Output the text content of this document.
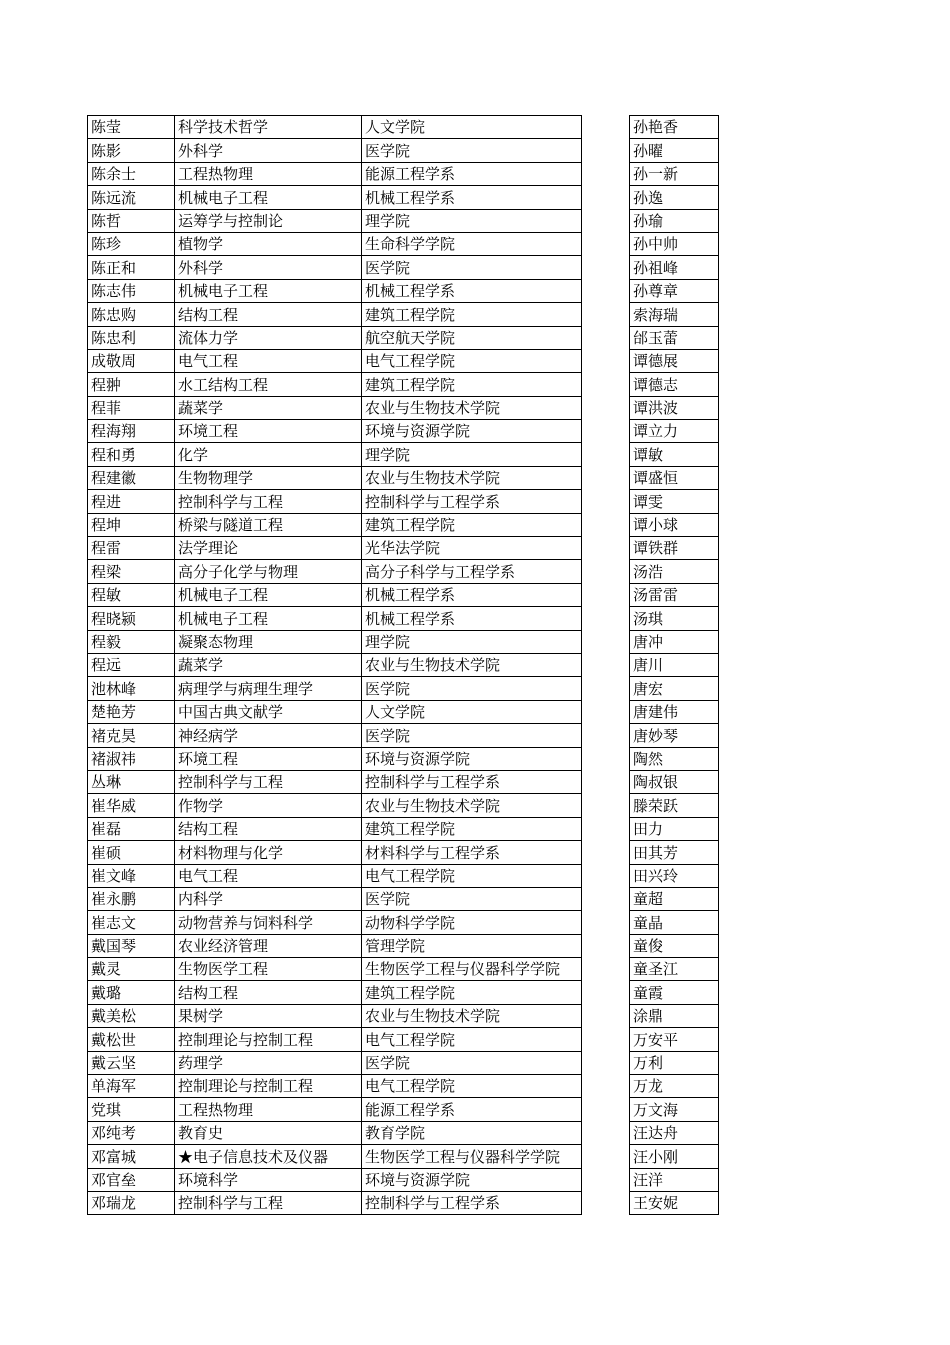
陈莹	科学技术哲学	人文学院
陈影	外科学	医学院
陈余士	工程热物理	能源工程学系
陈远流	机械电子工程	机械工程学系
陈哲	运筹学与控制论	理学院
陈珍	植物学	生命科学学院
陈正和	外科学	医学院
陈志伟	机械电子工程	机械工程学系
陈忠购	结构工程	建筑工程学院
陈忠利	流体力学	航空航天学院
成敬周	电气工程	电气工程学院
程翀	水工结构工程	建筑工程学院
程菲	蔬菜学	农业与生物技术学院
程海翔	环境工程	环境与资源学院
程和勇	化学	理学院
程建徽	生物物理学	农业与生物技术学院
程进	控制科学与工程	控制科学与工程学系
程坤	桥梁与隧道工程	建筑工程学院
程雷	法学理论	光华法学院
程梁	高分子化学与物理	高分子科学与工程学系
程敏	机械电子工程	机械工程学系
程晓颍	机械电子工程	机械工程学系
程毅	凝聚态物理	理学院
程远	蔬菜学	农业与生物技术学院
池林峰	病理学与病理生理学	医学院
楚艳芳	中国古典文献学	人文学院
褚克昊	神经病学	医学院
褚淑祎	环境工程	环境与资源学院
丛琳	控制科学与工程	控制科学与工程学系
崔华威	作物学	农业与生物技术学院
崔磊	结构工程	建筑工程学院
崔硕	材料物理与化学	材料科学与工程学系
崔文峰	电气工程	电气工程学院
崔永鹏	内科学	医学院
崔志文	动物营养与饲料科学	动物科学学院
戴国琴	农业经济管理	管理学院
戴灵	生物医学工程	生物医学工程与仪器科学学院
戴璐	结构工程	建筑工程学院
戴美松	果树学	农业与生物技术学院
戴松世	控制理论与控制工程	电气工程学院
戴云坚	药理学	医学院
单海军	控制理论与控制工程	电气工程学院
党琪	工程热物理	能源工程学系
邓纯考	教育史	教育学院
邓富城	★电子信息技术及仪器	生物医学工程与仪器科学学院
邓官垒	环境科学	环境与资源学院
邓瑞龙	控制科学与工程	控制科学与工程学系
孙艳香
孙曜
孙一新
孙逸
孙瑜
孙中帅
孙祖峰
孙尊章
索海瑞
邰玉蕾
谭德展
谭德志
谭洪波
谭立力
谭敏
谭盛恒
谭雯
谭小球
谭铁群
汤浩
汤雷雷
汤琪
唐冲
唐川
唐宏
唐建伟
唐妙琴
陶然
陶叔银
滕荣跃
田力
田其芳
田兴玲
童超
童晶
童俊
童圣江
童霞
涂鼎
万安平
万利
万龙
万文海
汪达舟
汪小刚
汪洋
王安妮
